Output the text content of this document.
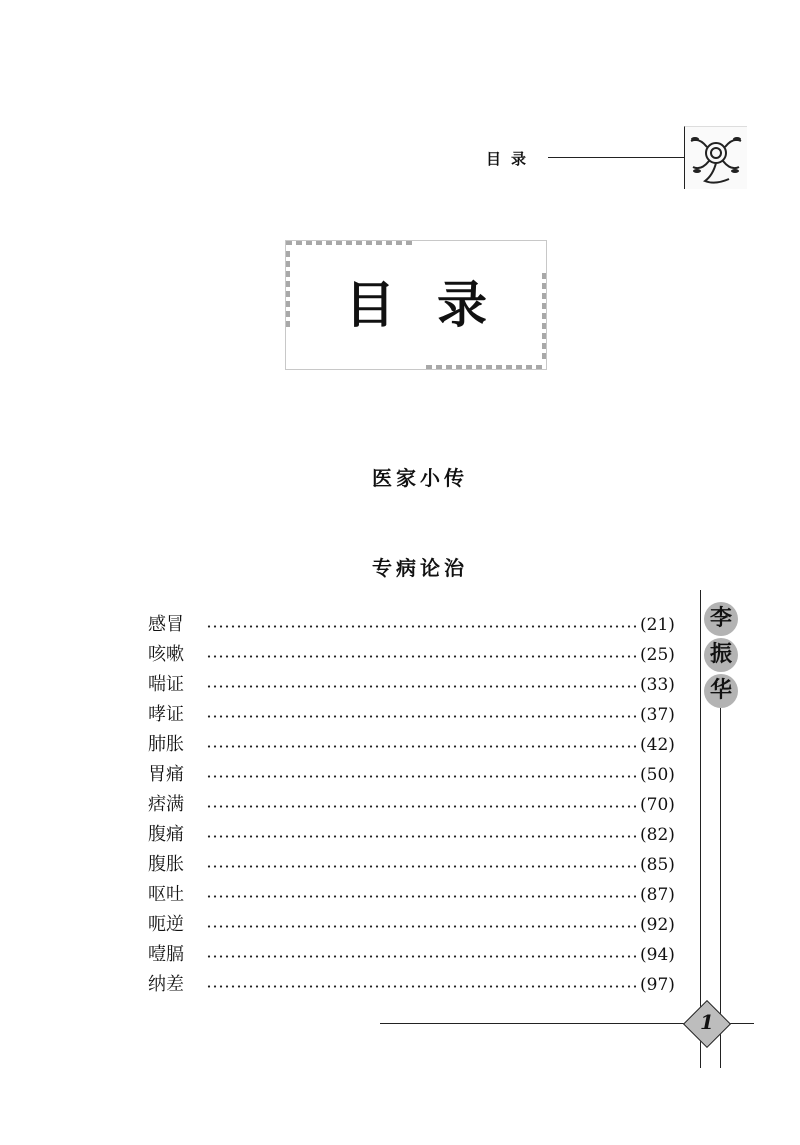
目录
目录
医家小传
专病论治
感冒	(21)
咳嗽	(25)
喘证	(33)
哮证	(37)
肺胀	(42)
胃痛	(50)
痞满	(70)
腹痛	(82)
腹胀	(85)
呕吐	(87)
呃逆	(92)
噎膈	(94)
纳差	(97)
李
振
华
1
